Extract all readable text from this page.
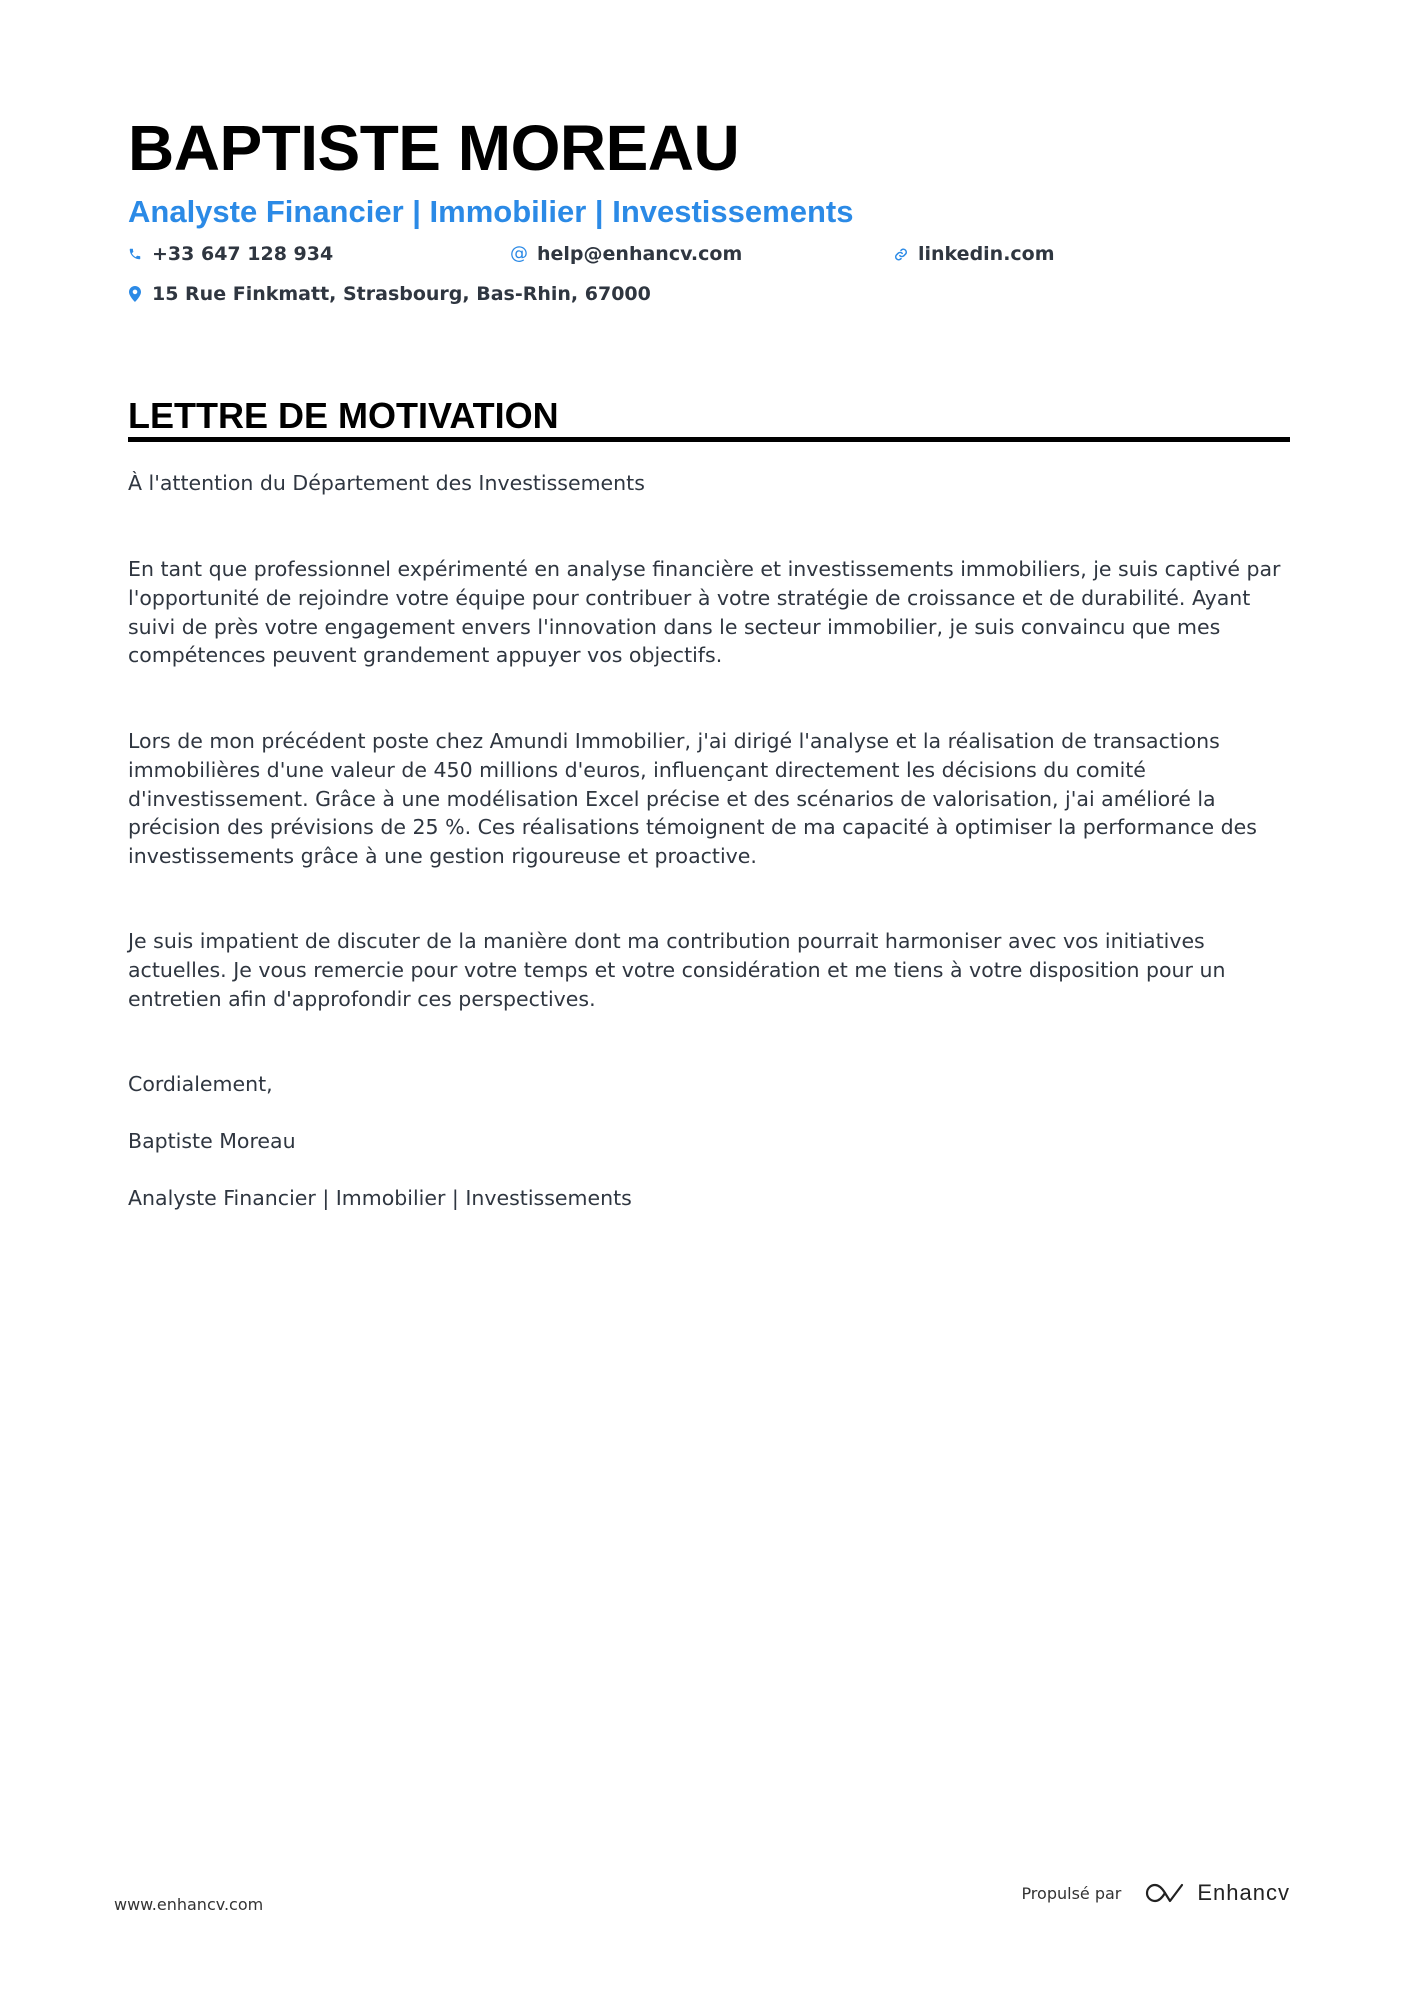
BAPTISTE MOREAU
Analyste Financier | Immobilier | Investissements
+33 647 128 934	@ help@enhancv.com	linkedin.com
15 Rue Finkmatt, Strasbourg, Bas-Rhin, 67000
LETTRE DE MOTIVATION

À l'attention du Département des Investissements

En tant que professionnel expérimenté en analyse financière et investissements immobiliers, je suis captivé par l'opportunité de rejoindre votre équipe pour contribuer à votre stratégie de croissance et de durabilité. Ayant suivi de près votre engagement envers l'innovation dans le secteur immobilier, je suis convaincu que mes compétences peuvent grandement appuyer vos objectifs.

Lors de mon précédent poste chez Amundi Immobilier, j'ai dirigé l'analyse et la réalisation de transactions immobilières d'une valeur de 450 millions d'euros, influençant directement les décisions du comité d'investissement. Grâce à une modélisation Excel précise et des scénarios de valorisation, j'ai amélioré la précision des prévisions de 25 %. Ces réalisations témoignent de ma capacité à optimiser la performance des investissements grâce à une gestion rigoureuse et proactive.

Je suis impatient de discuter de la manière dont ma contribution pourrait harmoniser avec vos initiatives actuelles. Je vous remercie pour votre temps et votre considération et me tiens à votre disposition pour un entretien afin d'approfondir ces perspectives.

Cordialement,

Baptiste Moreau

Analyste Financier | Immobilier | Investissements

www.enhancv.com
Propulsé par	Enhancv
